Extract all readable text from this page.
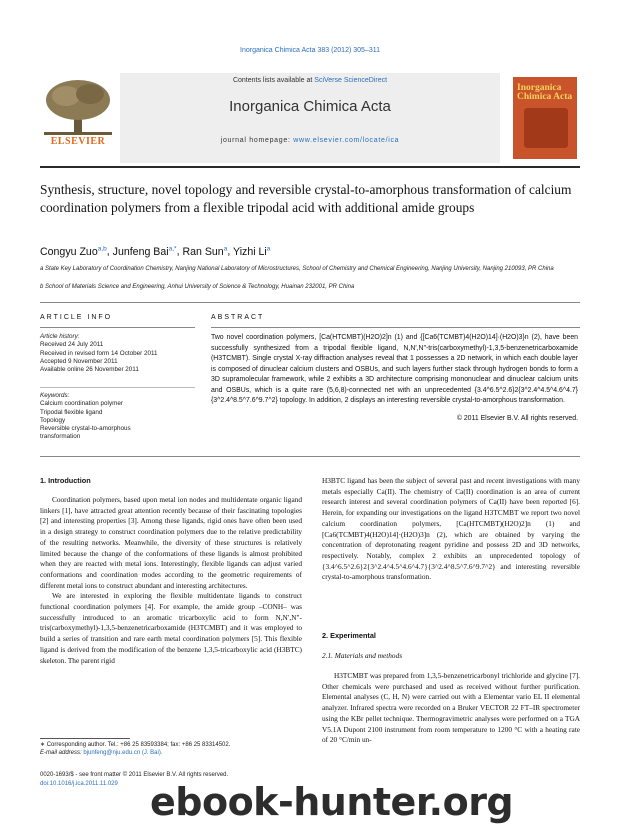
Inorganica Chimica Acta 383 (2012) 305–311
ELSEVIER
Contents lists available at SciVerse ScienceDirect
Inorganica Chimica Acta
journal homepage: www.elsevier.com/locate/ica
Inorganica Chimica Acta
Synthesis, structure, novel topology and reversible crystal-to-amorphous transformation of calcium coordination polymers from a flexible tripodal acid with additional amide groups
Congyu Zuo$^{a,b}$, Junfeng Bai$^{a,*}$, Ran Sun$^a$, Yizhi Li$^a$
a State Key Laboratory of Coordination Chemistry, Nanjing National Laboratory of Microstructures, School of Chemistry and Chemical Engineering, Nanjing University, Nanjing 210093, PR China
b School of Materials Science and Engineering, Anhui University of Science & Technology, Huainan 232001, PR China
ARTICLE INFO
Article history:
Received 24 July 2011
Received in revised form 14 October 2011
Accepted 9 November 2011
Available online 26 November 2011
Keywords:
Calcium coordination polymer
Tripodal flexible ligand
Topology
Reversible crystal-to-amorphous
transformation
ABSTRACT
Two novel coordination polymers, [Ca(HTCMBT)(H2O)2]n (1) and {[Ca6(TCMBT)4(H2O)14]·(H2O)3}n (2), have been successfully synthesized from a tripodal flexible ligand, N,N′,N″-tris(carboxymethyl)-1,3,5-benzenetricarboxamide (H3TCMBT). Single crystal X-ray diffraction analyses reveal that 1 possesses a 2D network, in which each double layer is composed of dinuclear calcium clusters and OSBUs, and such layers further stack through hydrogen bonds to form a 3D supramolecular framework, while 2 exhibits a 3D architecture comprising mononuclear and dinuclear calcium units and OSBUs, which is a quite rare (5,6,8)-connected net with an unprecedented {3.4^6.5^2.6}2{3^2.4^4.5^4.6^4.7}{3^2.4^8.5^7.6^9.7^2} topology. In addition, 2 displays an interesting reversible crystal-to-amorphous transformation.
© 2011 Elsevier B.V. All rights reserved.
1. Introduction

Coordination polymers, based upon metal ion nodes and multidentate organic ligand linkers [1], have attracted great attention recently because of their fascinating topologies [2] and interesting properties [3]. Among these ligands, rigid ones have often been used in a design strategy to construct coordination polymers due to the relative predictability of the resulting networks. Meanwhile, the diversity of these structures is relatively limited because the change of the conformations of these ligands is almost prohibited when they are reacted with metal ions. Interestingly, flexible ligands can adjust varied conformations and coordination modes according to the geometric requirements of different metal ions to construct abundant and interesting architectures.

We are interested in exploring the flexible multidentate ligands to construct functional coordination polymers [4]. For example, the amide group –CONH– was successfully introduced to an aromatic tricarboxylic acid to form N,N′,N″-tris(carboxymethyl)-1,3,5-benzenetricarboxamide (H3TCMBT) and it was employed to build a series of transition and rare earth metal coordination polymers [5]. This flexible ligand is derived from the modification of the benzene 1,3,5-tricarboxylic acid (H3BTC) skeleton. The parent rigid

∗ Corresponding author. Tel.: +86 25 83593384; fax: +86 25 83314502.
E-mail address: bjunfeng@nju.edu.cn (J. Bai).
0020-1693/$ - see front matter © 2011 Elsevier B.V. All rights reserved.
doi:10.1016/j.ica.2011.11.029

H3BTC ligand has been the subject of several past and recent investigations with many metals especially Ca(II). The chemistry of Ca(II) coordination is an area of current research interest and several coordination polymers of Ca(II) have been reported [6]. Herein, for expanding our investigations on the ligand H3TCMBT we report two novel calcium coordination polymers, [Ca(HTCMBT)(H2O)2]n (1) and [Ca6(TCMBT)4(H2O)14]·(H2O)3]n (2), which are obtained by varying the concentration of deprotonating reagent pyridine and possess 2D and 3D networks, respectively. Notably, complex 2 exhibits an unprecedented topology of {3.4^6.5^2.6}2{3^2.4^4.5^4.6^4.7}{3^2.4^8.5^7.6^9.7^2} and interesting reversible crystal-to-amorphous transformation.

2. Experimental
2.1. Materials and methods

H3TCMBT was prepared from 1,3,5-benzenetricarbonyl trichloride and glycine [7]. Other chemicals were purchased and used as received without further purification. Elemental analyses (C, H, N) were carried out with a Elementar vario EL II elemental analyzer. Infrared spectra were recorded on a Bruker VECTOR 22 FT–IR spectrometer using the KBr pellet technique. Thermogravimetric analyses were performed on a TGA V5.1A Dupont 2100 instrument from room temperature to 1200 °C with a heating rate of 20 °C/min un-

ebook-hunter.org
